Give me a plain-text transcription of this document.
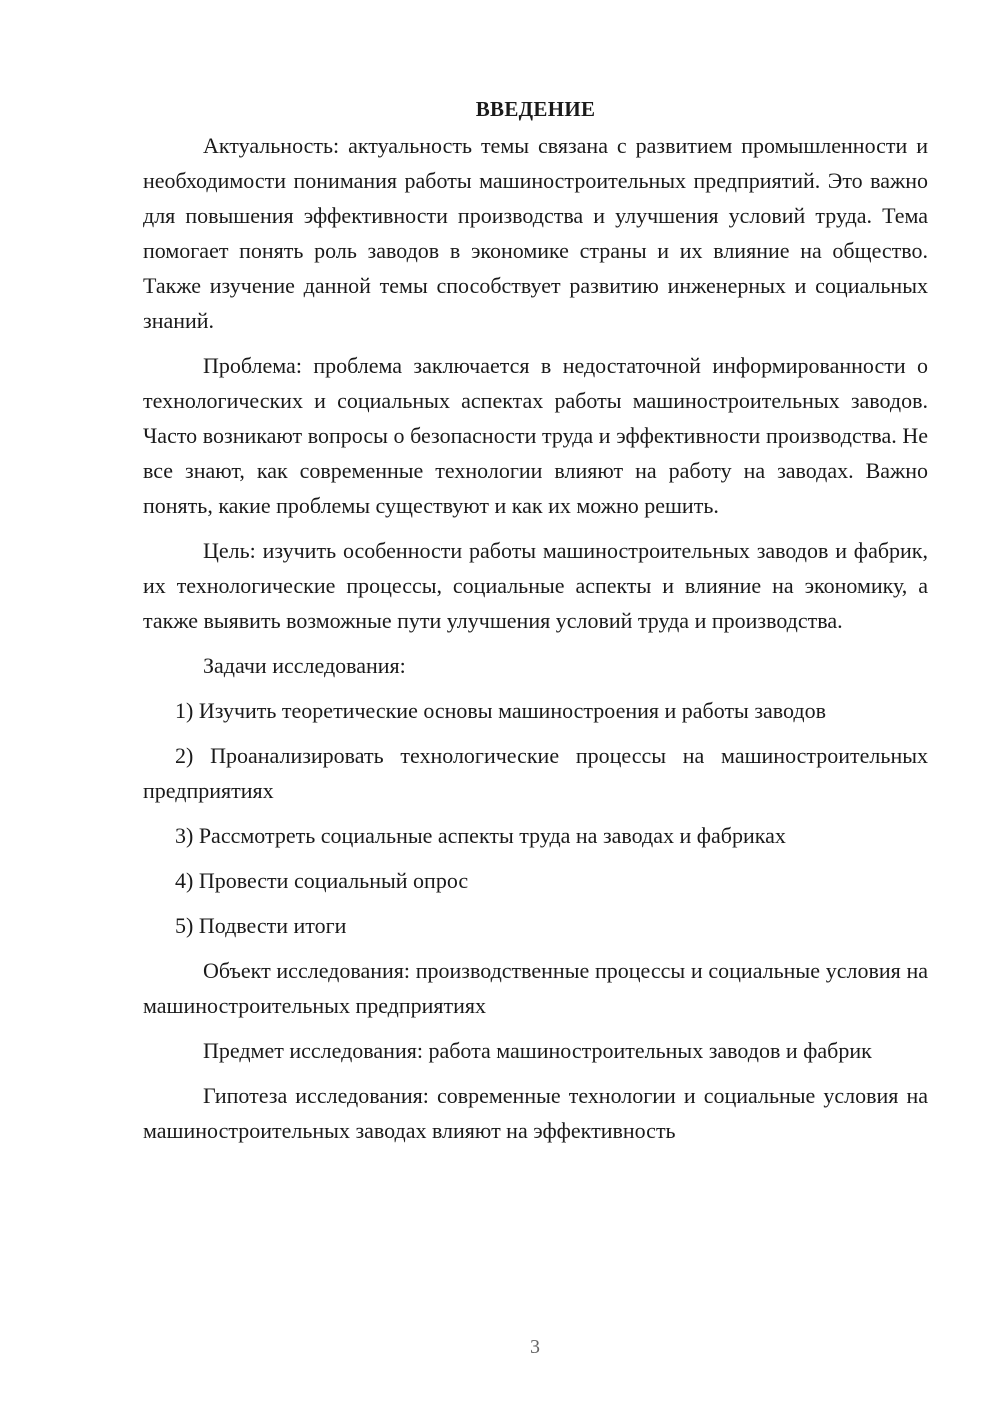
ВВЕДЕНИЕ

Актуальность: актуальность темы связана с развитием промышленности и необходимости понимания работы машиностроительных предприятий. Это важно для повышения эффективности производства и улучшения условий труда. Тема помогает понять роль заводов в экономике страны и их влияние на общество. Также изучение данной темы способствует развитию инженерных и социальных знаний.

Проблема: проблема заключается в недостаточной информированности о технологических и социальных аспектах работы машиностроительных заводов. Часто возникают вопросы о безопасности труда и эффективности производства. Не все знают, как современные технологии влияют на работу на заводах. Важно понять, какие проблемы существуют и как их можно решить.

Цель: изучить особенности работы машиностроительных заводов и фабрик, их технологические процессы, социальные аспекты и влияние на экономику, а также выявить возможные пути улучшения условий труда и производства.

Задачи исследования:

1) Изучить теоретические основы машиностроения и работы заводов

2) Проанализировать технологические процессы на машиностроительных предприятиях

3) Рассмотреть социальные аспекты труда на заводах и фабриках

4) Провести социальный опрос

5) Подвести итоги

Объект исследования: производственные процессы и социальные условия на машиностроительных предприятиях

Предмет исследования: работа машиностроительных заводов и фабрик

Гипотеза исследования: современные технологии и социальные условия на машиностроительных заводах влияют на эффективность

3
